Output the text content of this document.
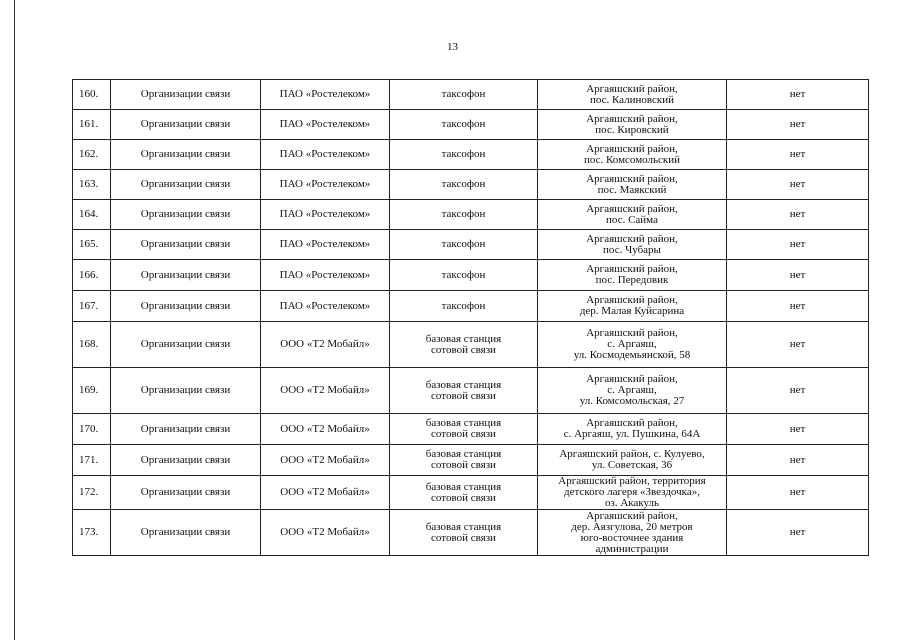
13
160.	Организации связи	ПАО «Ростелеком»	таксофон	Аргаяшский район,
пос. Калиновский	нет
161.	Организации связи	ПАО «Ростелеком»	таксофон	Аргаяшский район,
пос. Кировский	нет
162.	Организации связи	ПАО «Ростелеком»	таксофон	Аргаяшский район,
пос. Комсомольский	нет
163.	Организации связи	ПАО «Ростелеком»	таксофон	Аргаяшский район,
пос. Маякский	нет
164.	Организации связи	ПАО «Ростелеком»	таксофон	Аргаяшский район,
пос. Сайма	нет
165.	Организации связи	ПАО «Ростелеком»	таксофон	Аргаяшский район,
пос. Чубары	нет
166.	Организации связи	ПАО «Ростелеком»	таксофон	Аргаяшский район,
пос. Передовик	нет
167.	Организации связи	ПАО «Ростелеком»	таксофон	Аргаяшский район,
дер. Малая Куйсарина	нет
168.	Организации связи	ООО «Т2 Мобайл»	базовая станция
сотовой связи	Аргаяшский район,
с. Аргаяш,
ул. Космодемьянской, 58	нет
169.	Организации связи	ООО «Т2 Мобайл»	базовая станция
сотовой связи	Аргаяшский район,
с. Аргаяш,
ул. Комсомольская, 27	нет
170.	Организации связи	ООО «Т2 Мобайл»	базовая станция
сотовой связи	Аргаяшский район,
с. Аргаяш, ул. Пушкина, 64А	нет
171.	Организации связи	ООО «Т2 Мобайл»	базовая станция
сотовой связи	Аргаяшский район, с. Кулуево,
ул. Советская, 36	нет
172.	Организации связи	ООО «Т2 Мобайл»	базовая станция
сотовой связи	Аргаяшский район, территория
детского лагеря «Звездочка»,
оз. Акакуль	нет
173.	Организации связи	ООО «Т2 Мобайл»	базовая станция
сотовой связи	Аргаяшский район,
дер. Аязгулова, 20 метров
юго-восточнее здания
администрации	нет
